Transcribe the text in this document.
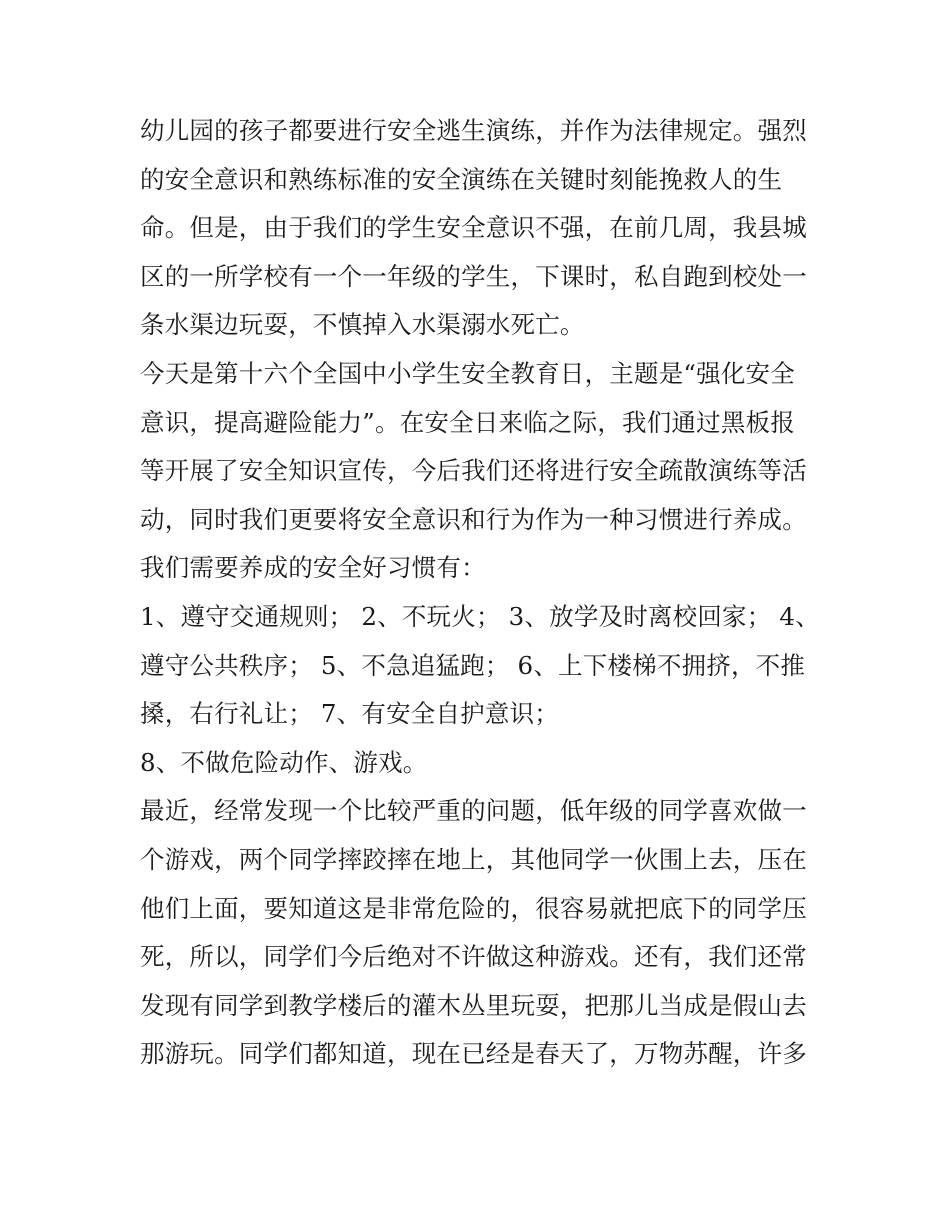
幼儿园的孩子都要进行安全逃生演练，并作为法律规定。强烈
的安全意识和熟练标准的安全演练在关键时刻能挽救人的生
命。但是，由于我们的学生安全意识不强，在前几周，我县城
区的一所学校有一个一年级的学生，下课时，私自跑到校处一
条水渠边玩耍，不慎掉入水渠溺水死亡。
今天是第十六个全国中小学生安全教育日，主题是“强化安全
意识，提高避险能力”。在安全日来临之际，我们通过黑板报
等开展了安全知识宣传，今后我们还将进行安全疏散演练等活
动，同时我们更要将安全意识和行为作为一种习惯进行养成。
我们需要养成的安全好习惯有：
1、遵守交通规则； 2、不玩火； 3、放学及时离校回家； 4、
遵守公共秩序； 5、不急追猛跑； 6、上下楼梯不拥挤，不推
搡，右行礼让； 7、有安全自护意识；
8、不做危险动作、游戏。
最近，经常发现一个比较严重的问题，低年级的同学喜欢做一
个游戏，两个同学摔跤摔在地上，其他同学一伙围上去，压在
他们上面，要知道这是非常危险的，很容易就把底下的同学压
死，所以，同学们今后绝对不许做这种游戏。还有，我们还常
发现有同学到教学楼后的灌木丛里玩耍，把那儿当成是假山去
那游玩。同学们都知道，现在已经是春天了，万物苏醒，许多
